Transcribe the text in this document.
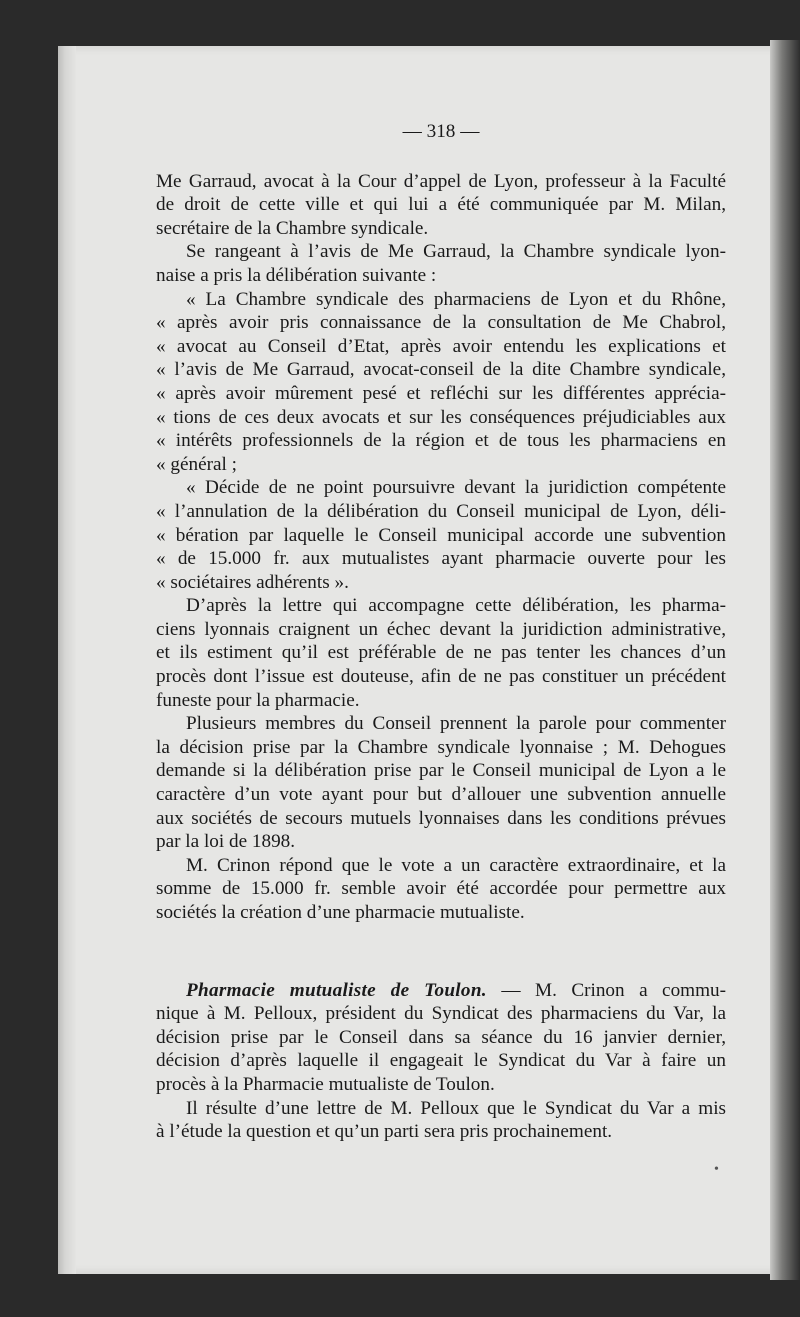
— 318 —
Me Garraud, avocat à la Cour d’appel de Lyon, professeur à la Faculté
de droit de cette ville et qui lui a été communiquée par M. Milan,
secrétaire de la Chambre syndicale.
Se rangeant à l’avis de Me Garraud, la Chambre syndicale lyon-
naise a pris la délibération suivante :
« La Chambre syndicale des pharmaciens de Lyon et du Rhône,
« après avoir pris connaissance de la consultation de Me Chabrol,
« avocat au Conseil d’Etat, après avoir entendu les explications et
« l’avis de Me Garraud, avocat-conseil de la dite Chambre syndicale,
« après avoir mûrement pesé et refléchi sur les différentes apprécia-
« tions de ces deux avocats et sur les conséquences préjudiciables aux
« intérêts professionnels de la région et de tous les pharmaciens en
« général ;
« Décide de ne point poursuivre devant la juridiction compétente
« l’annulation de la délibération du Conseil municipal de Lyon, déli-
« bération par laquelle le Conseil municipal accorde une subvention
« de 15.000 fr. aux mutualistes ayant pharmacie ouverte pour les
« sociétaires adhérents ».
D’après la lettre qui accompagne cette délibération, les pharma-
ciens lyonnais craignent un échec devant la juridiction administrative,
et ils estiment qu’il est préférable de ne pas tenter les chances d’un
procès dont l’issue est douteuse, afin de ne pas constituer un précédent
funeste pour la pharmacie.
Plusieurs membres du Conseil prennent la parole pour commenter
la décision prise par la Chambre syndicale lyonnaise ; M. Dehogues
demande si la délibération prise par le Conseil municipal de Lyon a le
caractère d’un vote ayant pour but d’allouer une subvention annuelle
aux sociétés de secours mutuels lyonnaises dans les conditions prévues
par la loi de 1898.
M. Crinon répond que le vote a un caractère extraordinaire, et la
somme de 15.000 fr. semble avoir été accordée pour permettre aux
sociétés la création d’une pharmacie mutualiste.
Pharmacie mutualiste de Toulon. — M. Crinon a commu-
nique à M. Pelloux, président du Syndicat des pharmaciens du Var, la
décision prise par le Conseil dans sa séance du 16 janvier dernier,
décision d’après laquelle il engageait le Syndicat du Var à faire un
procès à la Pharmacie mutualiste de Toulon.
Il résulte d’une lettre de M. Pelloux que le Syndicat du Var a mis
à l’étude la question et qu’un parti sera pris prochainement.
•
